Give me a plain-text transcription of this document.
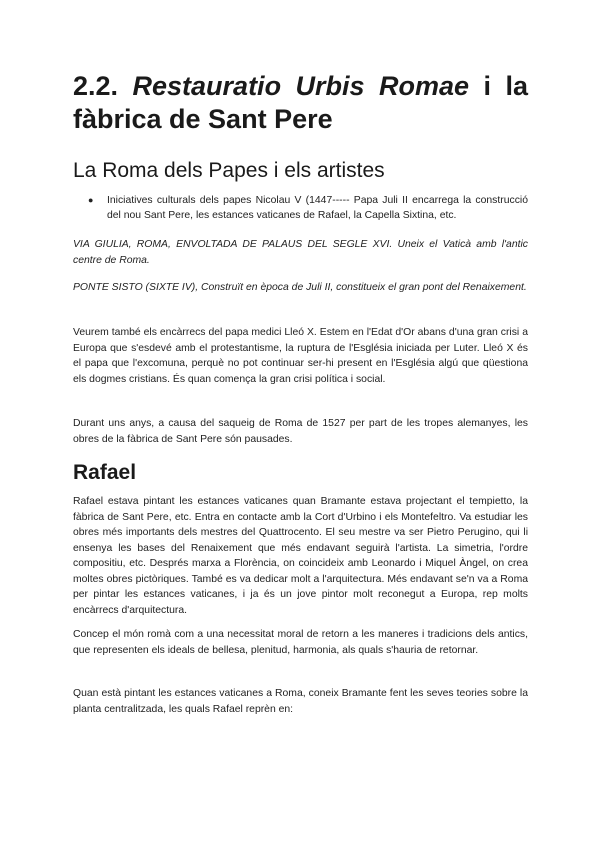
2.2. Restauratio Urbis Romae i la
fàbrica de Sant Pere
La Roma dels Papes i els artistes
● Iniciatives culturals dels papes Nicolau V (1447----- Papa Juli II encarrega la construcció del nou Sant Pere, les estances vaticanes de Rafael, la Capella Sixtina, etc.

VIA GIULIA, ROMA, ENVOLTADA DE PALAUS DEL SEGLE XVI. Uneix el Vaticà amb l'antic centre de Roma.

PONTE SISTO (SIXTE IV), Construït en època de Juli II, constitueix el gran pont del Renaixement.

Veurem també els encàrrecs del papa medici Lleó X. Estem en l'Edat d'Or abans d'una gran crisi a Europa que s'esdevé amb el protestantisme, la ruptura de l'Església iniciada per Luter. Lleó X és el papa que l'excomuna, perquè no pot continuar ser-hi present en l'Església algú que qüestiona els dogmes cristians. És quan comença la gran crisi política i social.

Durant uns anys, a causa del saqueig de Roma de 1527 per part de les tropes alemanyes, les obres de la fàbrica de Sant Pere són pausades.

Rafael

Rafael estava pintant les estances vaticanes quan Bramante estava projectant el tempietto, la fàbrica de Sant Pere, etc. Entra en contacte amb la Cort d'Urbino i els Montefeltro. Va estudiar les obres més importants dels mestres del Quattrocento. El seu mestre va ser Pietro Perugino, qui li ensenya les bases del Renaixement que més endavant seguirà l'artista. La simetria, l'ordre compositiu, etc. Després marxa a Florència, on coincideix amb Leonardo i Miquel Àngel, on crea moltes obres pictòriques. També es va dedicar molt a l'arquitectura. Més endavant se'n va a Roma per pintar les estances vaticanes, i ja és un jove pintor molt reconegut a Europa, rep molts encàrrecs d'arquitectura.

Concep el món romà com a una necessitat moral de retorn a les maneres i tradicions dels antics, que representen els ideals de bellesa, plenitud, harmonia, als quals s'hauria de retornar.

Quan està pintant les estances vaticanes a Roma, coneix Bramante fent les seves teories sobre la planta centralitzada, les quals Rafael reprèn en:
